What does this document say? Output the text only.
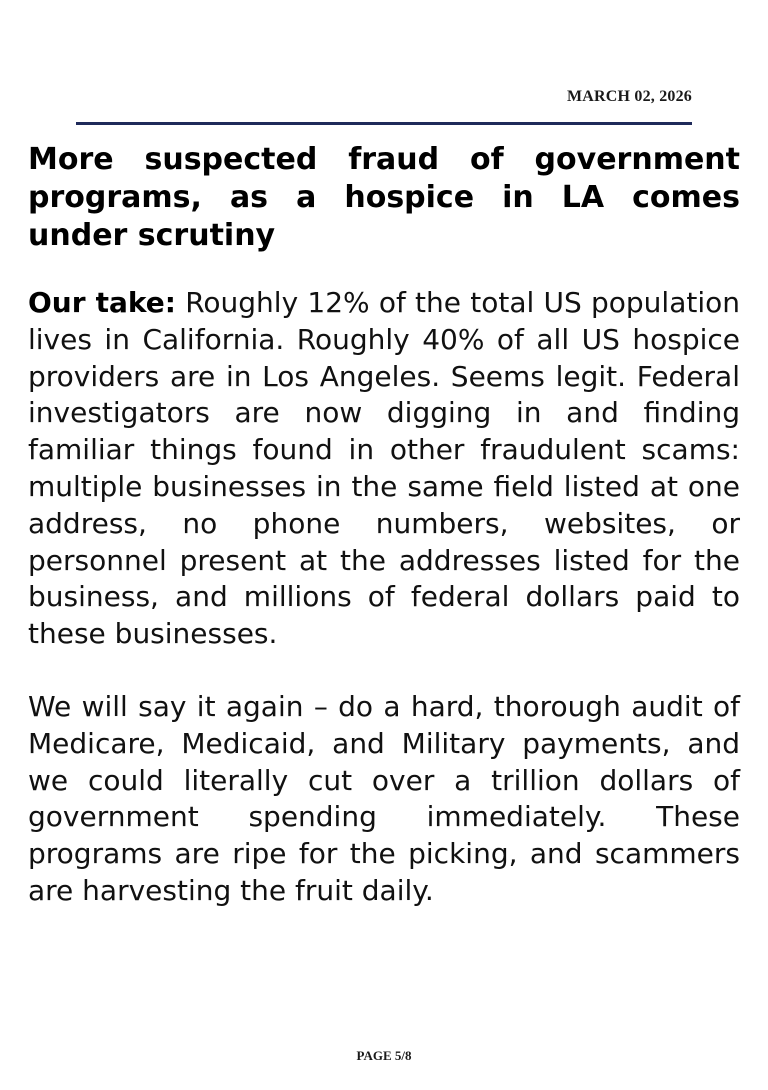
MARCH 02, 2026
More suspected fraud of government programs, as a hospice in LA comes under scrutiny

Our take: Roughly 12% of the total US population lives in California. Roughly 40% of all US hospice providers are in Los Angeles. Seems legit. Federal investigators are now digging in and finding familiar things found in other fraudulent scams: multiple businesses in the same field listed at one address, no phone numbers, websites, or personnel present at the addresses listed for the business, and millions of federal dollars paid to these businesses.

We will say it again – do a hard, thorough audit of Medicare, Medicaid, and Military payments, and we could literally cut over a trillion dollars of government spending immediately. These programs are ripe for the picking, and scammers are harvesting the fruit daily.

PAGE 5/8
